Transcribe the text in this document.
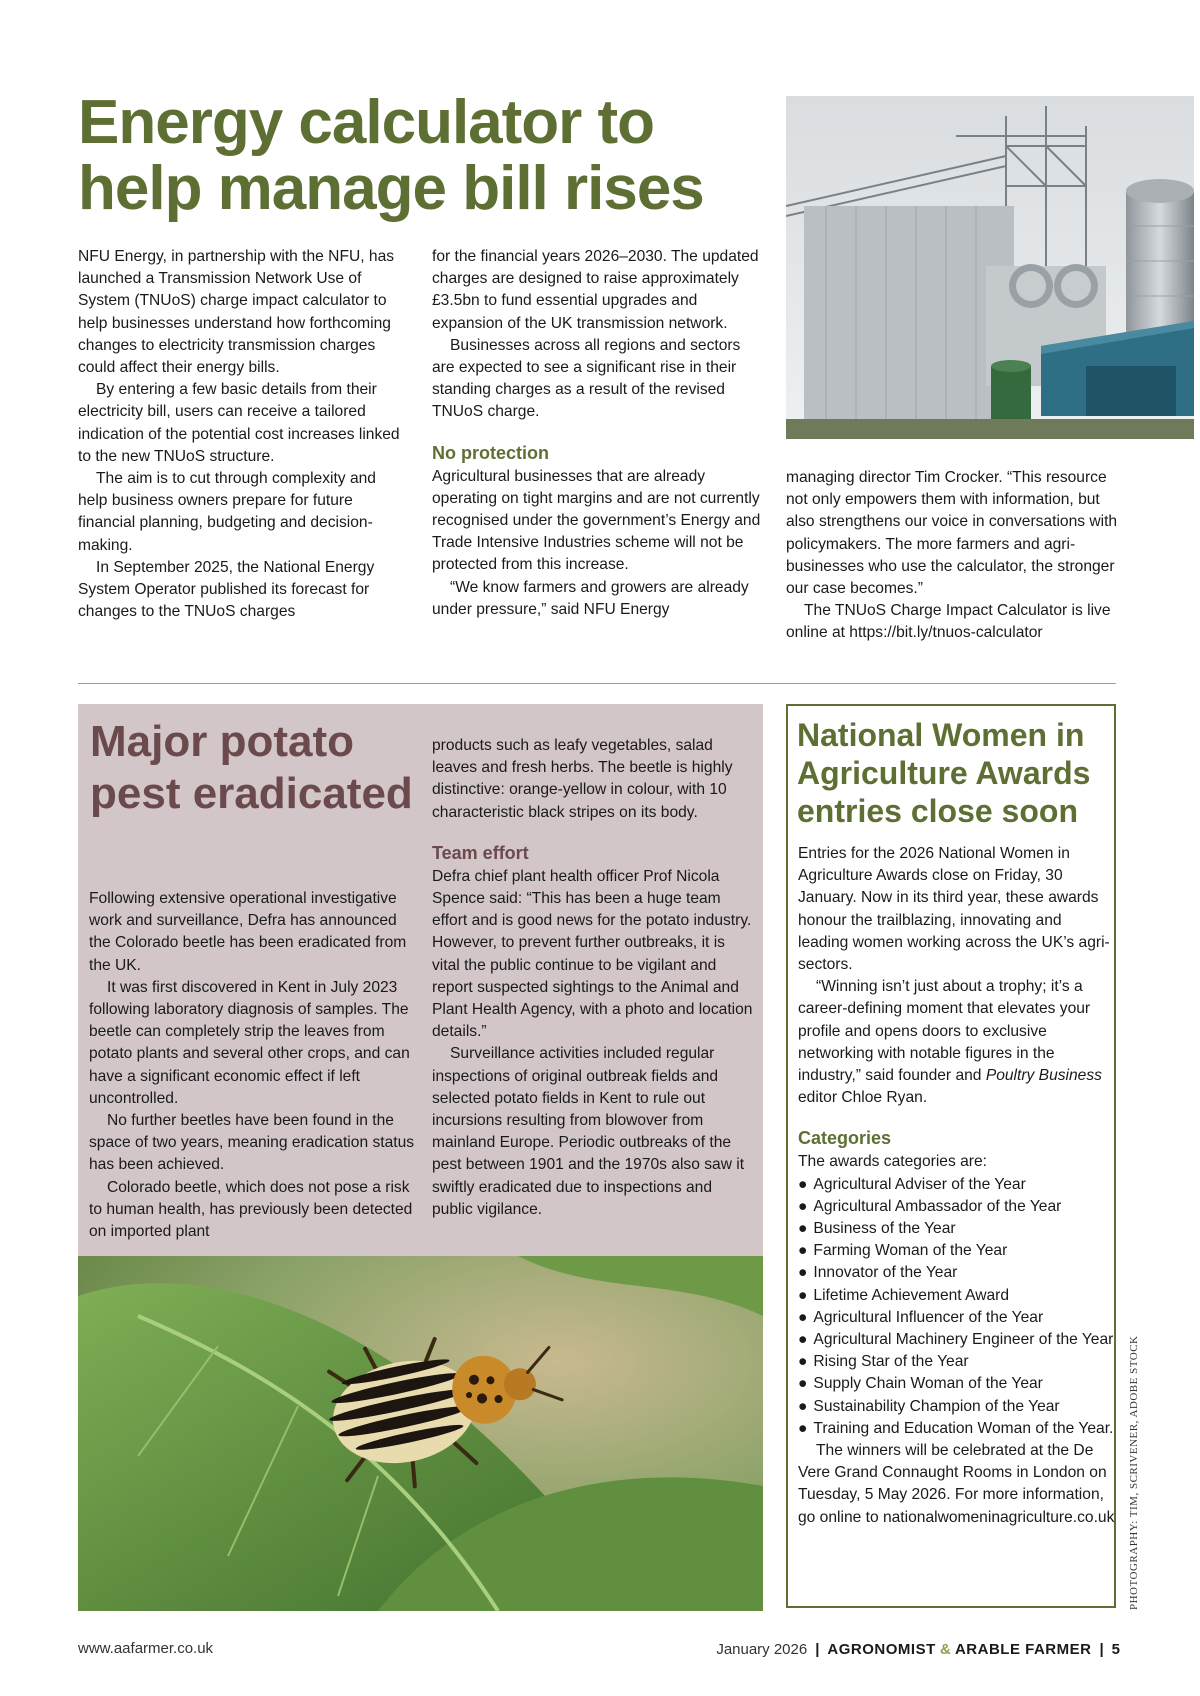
Energy calculator to help manage bill rises

NFU Energy, in partnership with the NFU, has launched a Transmission Network Use of System (TNUoS) charge impact calculator to help businesses understand how forthcoming changes to electricity transmission charges could affect their energy bills.

By entering a few basic details from their electricity bill, users can receive a tailored indication of the potential cost increases linked to the new TNUoS structure.

The aim is to cut through complexity and help business owners prepare for future financial planning, budgeting and decision-making.

In September 2025, the National Energy System Operator published its forecast for changes to the TNUoS charges

for the financial years 2026–2030. The updated charges are designed to raise approximately £3.5bn to fund essential upgrades and expansion of the UK transmission network.

Businesses across all regions and sectors are expected to see a significant rise in their standing charges as a result of the revised TNUoS charge.

No protection

Agricultural businesses that are already operating on tight margins and are not currently recognised under the government’s Energy and Trade Intensive Industries scheme will not be protected from this increase.

“We know farmers and growers are already under pressure,” said NFU Energy

managing director Tim Crocker. “This resource not only empowers them with information, but also strengthens our voice in conversations with policymakers. The more farmers and agri-businesses who use the calculator, the stronger our case becomes.”

The TNUoS Charge Impact Calculator is live online at https://bit.ly/tnuos-calculator

Major potato pest eradicated

Following extensive operational investigative work and surveillance, Defra has announced the Colorado beetle has been eradicated from the UK.

It was first discovered in Kent in July 2023 following laboratory diagnosis of samples. The beetle can completely strip the leaves from potato plants and several other crops, and can have a significant economic effect if left uncontrolled.

No further beetles have been found in the space of two years, meaning eradication status has been achieved.

Colorado beetle, which does not pose a risk to human health, has previously been detected on imported plant

products such as leafy vegetables, salad leaves and fresh herbs. The beetle is highly distinctive: orange-yellow in colour, with 10 characteristic black stripes on its body.

Team effort

Defra chief plant health officer Prof Nicola Spence said: “This has been a huge team effort and is good news for the potato industry. However, to prevent further outbreaks, it is vital the public continue to be vigilant and report suspected sightings to the Animal and Plant Health Agency, with a photo and location details.”

Surveillance activities included regular inspections of original outbreak fields and selected potato fields in Kent to rule out incursions resulting from blowover from mainland Europe. Periodic outbreaks of the pest between 1901 and the 1970s also saw it swiftly eradicated due to inspections and public vigilance.

National Women in Agriculture Awards entries close soon

Entries for the 2026 National Women in Agriculture Awards close on Friday, 30 January. Now in its third year, these awards honour the trailblazing, innovating and leading women working across the UK’s agri-sectors.

“Winning isn’t just about a trophy; it’s a career-defining moment that elevates your profile and opens doors to exclusive networking with notable figures in the industry,” said founder and Poultry Business editor Chloe Ryan.

Categories

The awards categories are:

● Agricultural Adviser of the Year
● Agricultural Ambassador of the Year
● Business of the Year
● Farming Woman of the Year
● Innovator of the Year
● Lifetime Achievement Award
● Agricultural Influencer of the Year
● Agricultural Machinery Engineer of the Year
● Rising Star of the Year
● Supply Chain Woman of the Year
● Sustainability Champion of the Year
● Training and Education Woman of the Year.

The winners will be celebrated at the De Vere Grand Connaught Rooms in London on Tuesday, 5 May 2026. For more information, go online to nationalwomeninagriculture.co.uk PHOTOGRAPHY: TIM, SCRIVENER, ADOBE STOCK
www.aafarmer.co.uk	January 2026 | AGRONOMIST & ARABLE FARMER | 5
